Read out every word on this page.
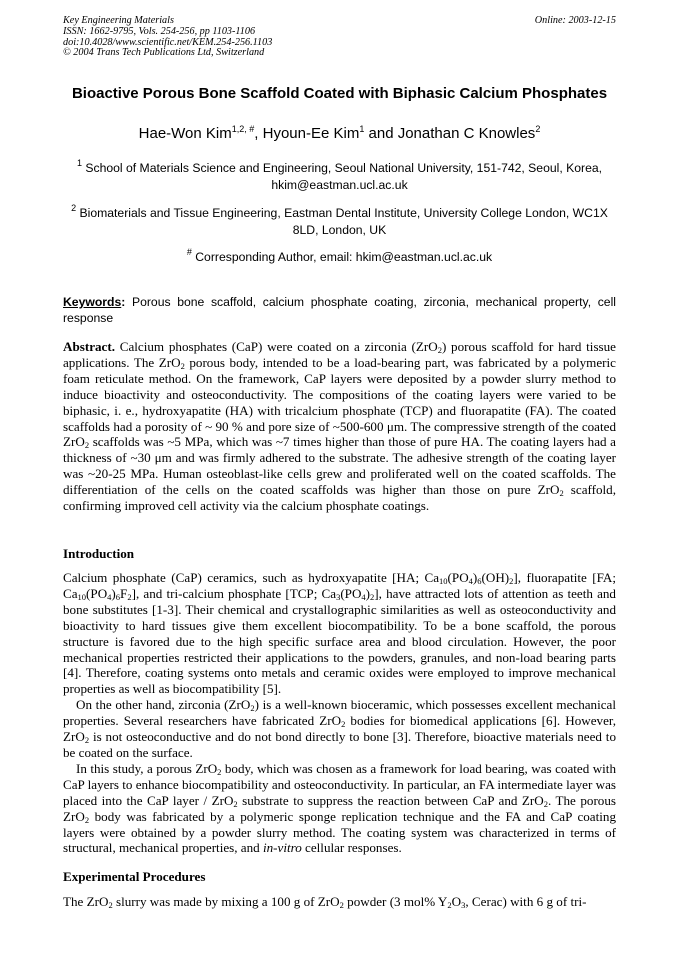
Key Engineering Materials	Online: 2003-12-15
ISSN: 1662-9795, Vols. 254-256, pp 1103-1106
doi:10.4028/www.scientific.net/KEM.254-256.1103
© 2004 Trans Tech Publications Ltd, Switzerland
Bioactive Porous Bone Scaffold Coated with Biphasic Calcium Phosphates
Hae-Won Kim$^{1,2, \#}$, Hyoun-Ee Kim$^1$ and Jonathan C Knowles$^2$
$^1$ School of Materials Science and Engineering, Seoul National University, 151-742, Seoul, Korea, hkim@eastman.ucl.ac.uk
$^2$ Biomaterials and Tissue Engineering, Eastman Dental Institute, University College London, WC1X 8LD, London, UK
# Corresponding Author, email: hkim@eastman.ucl.ac.uk
Keywords: Porous bone scaffold, calcium phosphate coating, zirconia, mechanical property, cell response
Abstract. Calcium phosphates (CaP) were coated on a zirconia (ZrO$_2$) porous scaffold for hard tissue applications. The ZrO$_2$ porous body, intended to be a load-bearing part, was fabricated by a polymeric foam reticulate method. On the framework, CaP layers were deposited by a powder slurry method to induce bioactivity and osteoconductivity. The compositions of the coating layers were varied to be biphasic, i. e., hydroxyapatite (HA) with tricalcium phosphate (TCP) and fluorapatite (FA). The coated scaffolds had a porosity of ~ 90 % and pore size of ~500-600 μm. The compressive strength of the coated ZrO$_2$ scaffolds was ~5 MPa, which was ~7 times higher than those of pure HA. The coating layers had a thickness of ~30 μm and was firmly adhered to the substrate. The adhesive strength of the coating layer was ~20-25 MPa. Human osteoblast-like cells grew and proliferated well on the coated scaffolds. The differentiation of the cells on the coated scaffolds was higher than those on pure ZrO$_2$ scaffold, confirming improved cell activity via the calcium phosphate coatings.
Introduction

Calcium phosphate (CaP) ceramics, such as hydroxyapatite [HA; $Ca_{10}(PO_4)_6(OH)_2$], fluorapatite [FA; $Ca_{10}(PO_4)_6F_2$], and tri-calcium phosphate [TCP; $Ca_3(PO_4)_2$], have attracted lots of attention as teeth and bone substitutes [1-3]. Their chemical and crystallographic similarities as well as osteoconductivity and bioactivity to hard tissues give them excellent biocompatibility. To be a bone scaffold, the porous structure is favored due to the high specific surface area and blood circulation. However, the poor mechanical properties restricted their applications to the powders, granules, and non-load bearing parts [4]. Therefore, coating systems onto metals and ceramic oxides were employed to improve mechanical properties as well as biocompatibility [5].

On the other hand, zirconia (ZrO$_2$) is a well-known bioceramic, which possesses excellent mechanical properties. Several researchers have fabricated ZrO$_2$ bodies for biomedical applications [6]. However, ZrO$_2$ is not osteoconductive and do not bond directly to bone [3]. Therefore, bioactive materials need to be coated on the surface.

In this study, a porous ZrO$_2$ body, which was chosen as a framework for load bearing, was coated with CaP layers to enhance biocompatibility and osteoconductivity. In particular, an FA intermediate layer was placed into the CaP layer / ZrO$_2$ substrate to suppress the reaction between CaP and ZrO$_2$. The porous ZrO$_2$ body was fabricated by a polymeric sponge replication technique and the FA and CaP coating layers were obtained by a powder slurry method. The coating system was characterized in terms of structural, mechanical properties, and in-vitro cellular responses.

Experimental Procedures
The ZrO$_2$ slurry was made by mixing a 100 g of ZrO$_2$ powder (3 mol% $Y_2O_3$, Cerac) with 6 g of tri-
